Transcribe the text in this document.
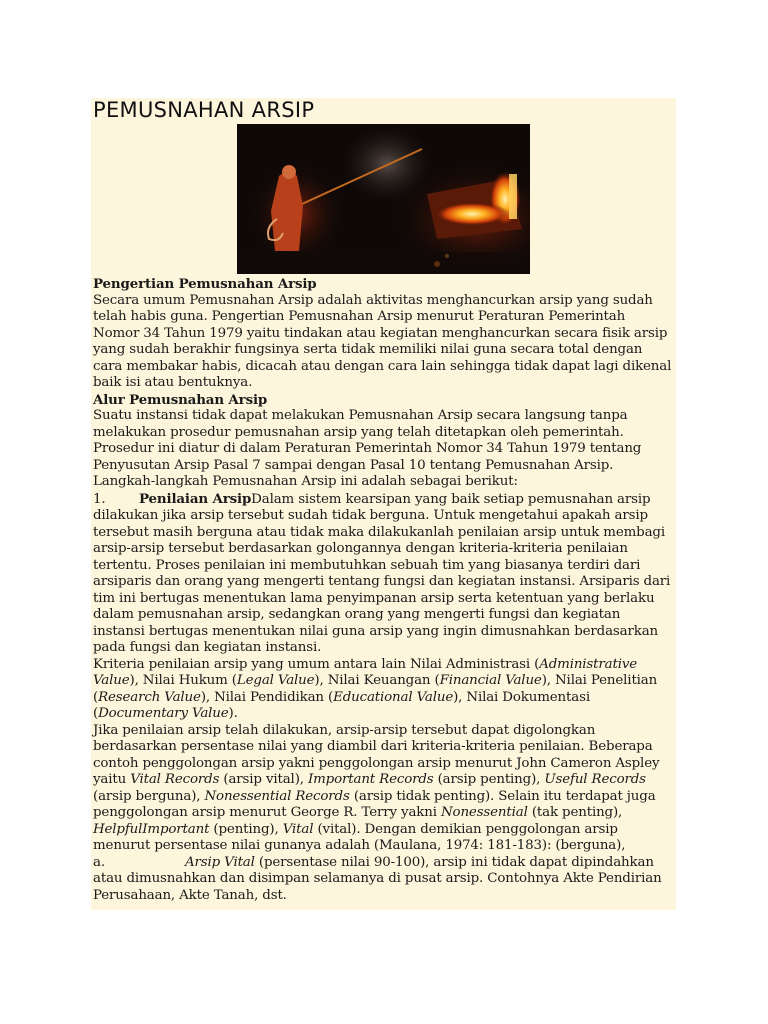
PEMUSNAHAN ARSIP
Pengertian Pemusnahan Arsip

Secara umum Pemusnahan Arsip adalah aktivitas menghancurkan arsip yang sudah telah habis guna. Pengertian Pemusnahan Arsip menurut Peraturan Pemerintah Nomor 34 Tahun 1979 yaitu tindakan atau kegiatan menghancurkan secara fisik arsip yang sudah berakhir fungsinya serta tidak memiliki nilai guna secara total dengan cara membakar habis, dicacah atau dengan cara lain sehingga tidak dapat lagi dikenal baik isi atau bentuknya.

Alur Pemusnahan Arsip

Suatu instansi tidak dapat melakukan Pemusnahan Arsip secara langsung tanpa melakukan prosedur pemusnahan arsip yang telah ditetapkan oleh pemerintah.

Prosedur ini diatur di dalam Peraturan Pemerintah Nomor 34 Tahun 1979 tentang Penyusutan Arsip Pasal 7 sampai dengan Pasal 10 tentang Pemusnahan Arsip.

Langkah-langkah Pemusnahan Arsip ini adalah sebagai berikut:

1.	Penilaian ArsipDalam sistem kearsipan yang baik setiap pemusnahan arsip dilakukan jika arsip tersebut sudah tidak berguna. Untuk mengetahui apakah arsip tersebut masih berguna atau tidak maka dilakukanlah penilaian arsip untuk membagi arsip-arsip tersebut berdasarkan golongannya dengan kriteria-kriteria penilaian tertentu. Proses penilaian ini membutuhkan sebuah tim yang biasanya terdiri dari arsiparis dan orang yang mengerti tentang fungsi dan kegiatan instansi. Arsiparis dari tim ini bertugas menentukan lama penyimpanan arsip serta ketentuan yang berlaku dalam pemusnahan arsip, sedangkan orang yang mengerti fungsi dan kegiatan instansi bertugas menentukan nilai guna arsip yang ingin dimusnahkan berdasarkan pada fungsi dan kegiatan instansi.

Kriteria penilaian arsip yang umum antara lain Nilai Administrasi (Administrative Value), Nilai Hukum (Legal Value), Nilai Keuangan (Financial Value), Nilai Penelitian (Research Value), Nilai Pendidikan (Educational Value), Nilai Dokumentasi (Documentary Value).

Jika penilaian arsip telah dilakukan, arsip-arsip tersebut dapat digolongkan berdasarkan persentase nilai yang diambil dari kriteria-kriteria penilaian. Beberapa contoh penggolongan arsip yakni penggolongan arsip menurut John Cameron Aspley yaitu Vital Records (arsip vital), Important Records (arsip penting), Useful Records (arsip berguna), Nonessential Records (arsip tidak penting). Selain itu terdapat juga penggolongan arsip menurut George R. Terry yakni Nonessential (tak penting), HelpfulImportant (penting), Vital (vital). Dengan demikian penggolongan arsip menurut persentase nilai gunanya adalah (Maulana, 1974: 181-183): (berguna),

a.	Arsip Vital (persentase nilai 90-100), arsip ini tidak dapat dipindahkan atau dimusnahkan dan disimpan selamanya di pusat arsip. Contohnya Akte Pendirian Perusahaan, Akte Tanah, dst.
